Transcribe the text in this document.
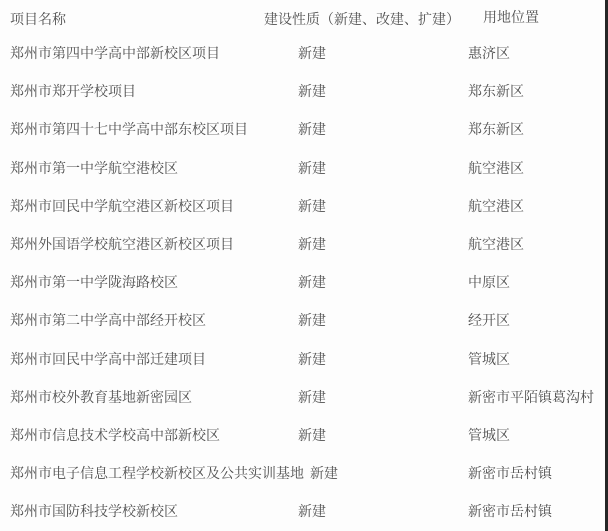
项目名称	建设性质（新建、改建、扩建） 用地位置
郑州市第四中学高中部新校区项目	新建	惠济区
郑州市郑开学校项目	新建	郑东新区
郑州市第四十七中学高中部东校区项目	新建	郑东新区
郑州市第一中学航空港校区	新建	航空港区
郑州市回民中学航空港区新校区项目	新建	航空港区
郑州外国语学校航空港区新校区项目	新建	航空港区
郑州市第一中学陇海路校区	新建	中原区
郑州市第二中学高中部经开校区	新建	经开区
郑州市回民中学高中部迁建项目	新建	管城区
郑州市校外教育基地新密园区	新建	新密市平陌镇葛沟村
郑州市信息技术学校高中部新校区	新建	管城区
郑州市电子信息工程学校新校区及公共实训基地 新建	新密市岳村镇
郑州市国防科技学校新校区	新建	新密市岳村镇
